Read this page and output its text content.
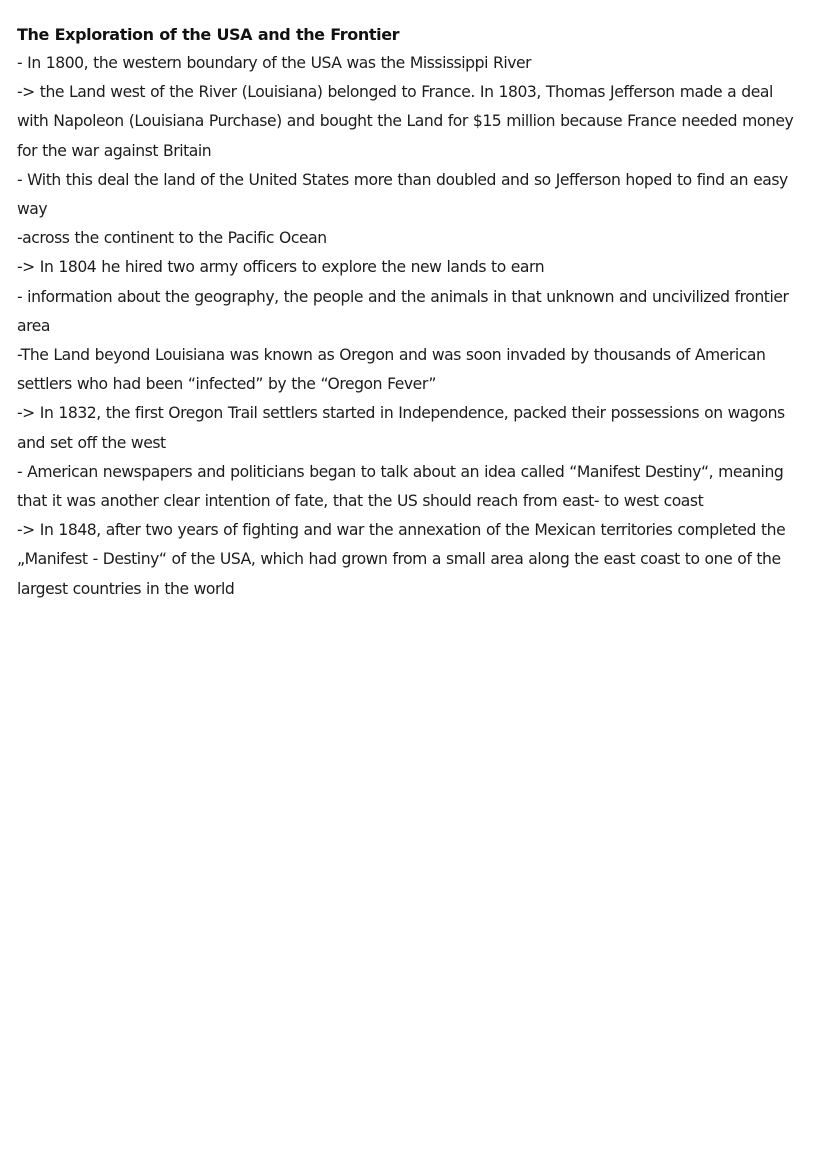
The Exploration of the USA and the Frontier

- In 1800, the western boundary of the USA was the Mississippi River

-> the Land west of the River (Louisiana) belonged to France. In 1803, Thomas Jefferson made a deal with Napoleon (Louisiana Purchase) and bought the Land for $15 million because France needed money for the war against Britain

- With this deal the land of the United States more than doubled and so Jefferson hoped to find an easy way

-across the continent to the Pacific Ocean

-> In 1804 he hired two army officers to explore the new lands to earn

- information about the geography, the people and the animals in that unknown and uncivilized frontier area

-The Land beyond Louisiana was known as Oregon and was soon invaded by thousands of American settlers who had been “infected” by the “Oregon Fever”

-> In 1832, the first Oregon Trail settlers started in Independence, packed their possessions on wagons and set off the west

- American newspapers and politicians began to talk about an idea called “Manifest Destiny“, meaning that it was another clear intention of fate, that the US should reach from east- to west coast

-> In 1848, after two years of fighting and war the annexation of the Mexican territories completed the „Manifest - Destiny“ of the USA, which had grown from a small area along the east coast to one of the largest countries in the world
